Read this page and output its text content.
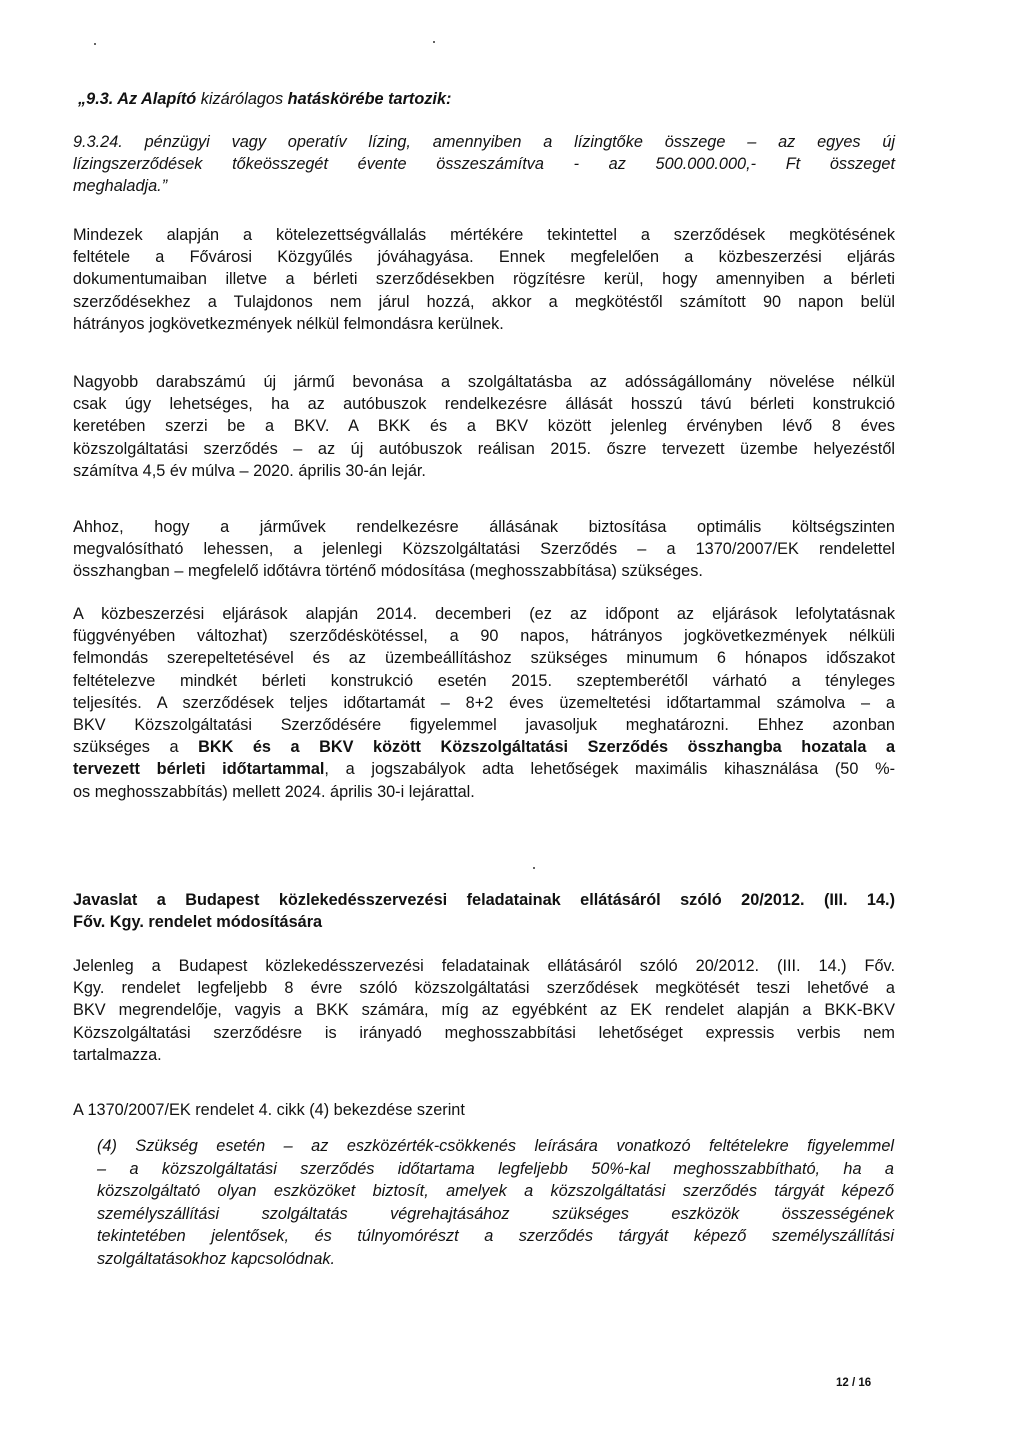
„9.3. Az Alapító kizárólagos hatáskörébe tartozik:
9.3.24. pénzügyi vagy operatív lízing, amennyiben a lízingtőke összege – az egyes új
lízingszerződések tőkeösszegét évente összeszámítva - az 500.000.000,- Ft összeget
meghaladja.”
Mindezek alapján a kötelezettségvállalás mértékére tekintettel a szerződések megkötésének
feltétele a Fővárosi Közgyűlés jóváhagyása. Ennek megfelelően a közbeszerzési eljárás
dokumentumaiban illetve a bérleti szerződésekben rögzítésre kerül, hogy amennyiben a bérleti
szerződésekhez a Tulajdonos nem járul hozzá, akkor a megkötéstől számított 90 napon belül
hátrányos jogkövetkezmények nélkül felmondásra kerülnek.
Nagyobb darabszámú új jármű bevonása a szolgáltatásba az adósságállomány növelése nélkül
csak úgy lehetséges, ha az autóbuszok rendelkezésre állását hosszú távú bérleti konstrukció
keretében szerzi be a BKV. A BKK és a BKV között jelenleg érvényben lévő 8 éves
közszolgáltatási szerződés – az új autóbuszok reálisan 2015. őszre tervezett üzembe helyezéstől
számítva 4,5 év múlva – 2020. április 30-án lejár.
Ahhoz, hogy a járművek rendelkezésre állásának biztosítása optimális költségszinten
megvalósítható lehessen, a jelenlegi Közszolgáltatási Szerződés – a 1370/2007/EK rendelettel
összhangban – megfelelő időtávra történő módosítása (meghosszabbítása) szükséges.
A közbeszerzési eljárások alapján 2014. decemberi (ez az időpont az eljárások lefolytatásnak
függvényében változhat) szerződéskötéssel, a 90 napos, hátrányos jogkövetkezmények nélküli
felmondás szerepeltetésével és az üzembeállításhoz szükséges minumum 6 hónapos időszakot
feltételezve mindkét bérleti konstrukció esetén 2015. szeptemberétől várható a tényleges
teljesítés. A szerződések teljes időtartamát – 8+2 éves üzemeltetési időtartammal számolva – a
BKV Közszolgáltatási Szerződésére figyelemmel javasoljuk meghatározni. Ehhez azonban
szükséges a BKK és a BKV között Közszolgáltatási Szerződés összhangba hozatala a
tervezett bérleti időtartammal, a jogszabályok adta lehetőségek maximális kihasználása (50 %-
os meghosszabbítás) mellett 2024. április 30-i lejárattal.
Javaslat a Budapest közlekedésszervezési feladatainak ellátásáról szóló 20/2012. (III. 14.)
Főv. Kgy. rendelet módosítására
Jelenleg a Budapest közlekedésszervezési feladatainak ellátásáról szóló 20/2012. (III. 14.) Főv.
Kgy. rendelet legfeljebb 8 évre szóló közszolgáltatási szerződések megkötését teszi lehetővé a
BKV megrendelője, vagyis a BKK számára, míg az egyébként az EK rendelet alapján a BKK-BKV
Közszolgáltatási szerződésre is irányadó meghosszabbítási lehetőséget expressis verbis nem
tartalmazza.
A 1370/2007/EK rendelet 4. cikk (4) bekezdése szerint
(4) Szükség esetén – az eszközérték-csökkenés leírására vonatkozó feltételekre figyelemmel
– a közszolgáltatási szerződés időtartama legfeljebb 50%-kal meghosszabbítható, ha a
közszolgáltató olyan eszközöket biztosít, amelyek a közszolgáltatási szerződés tárgyát képező
személyszállítási szolgáltatás végrehajtásához szükséges eszközök összességének
tekintetében jelentősek, és túlnyomórészt a szerződés tárgyát képező személyszállítási
szolgáltatásokhoz kapcsolódnak.
12 / 16
